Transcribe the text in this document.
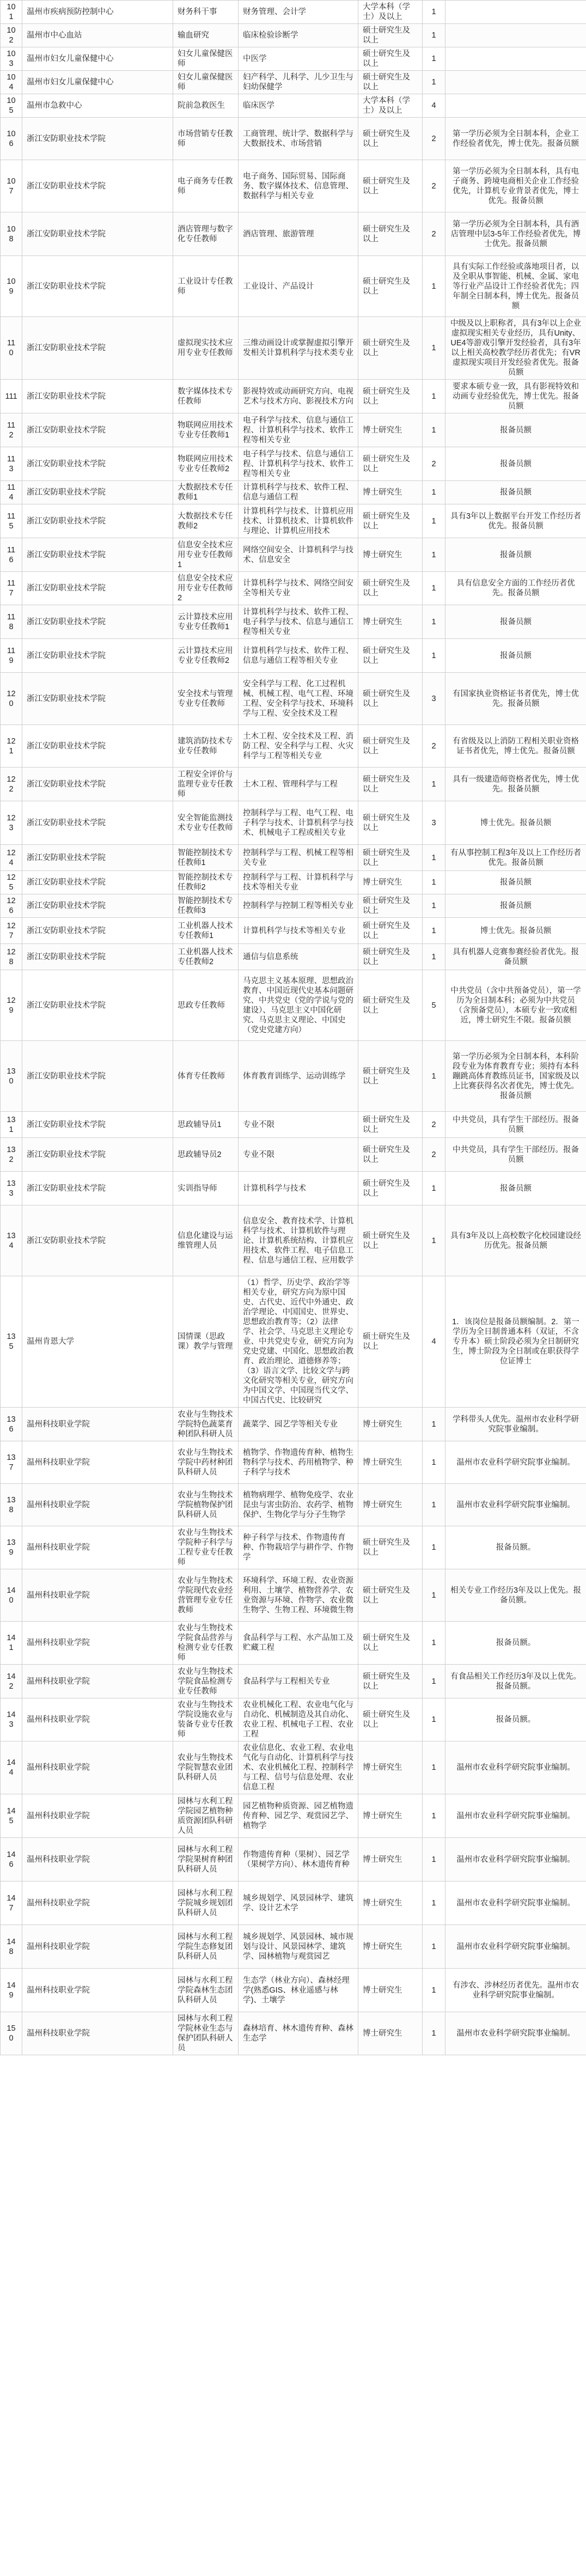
101	温州市疾病预防控制中心	财务科干事	财务管理、会计学	大学本科（学士）及以上	1	
102	温州市中心血站	输血研究	临床检验诊断学	硕士研究生及以上	1	
103	温州市妇女儿童保健中心	妇女儿童保健医师	中医学	硕士研究生及以上	1	
104	温州市妇女儿童保健中心	妇女儿童保健医师	妇产科学、儿科学、儿少卫生与妇幼保健学	硕士研究生及以上	1	
105	温州市急救中心	院前急救医生	临床医学	大学本科（学士）及以上	4	
106	浙江安防职业技术学院	市场营销专任教师	工商管理、统计学、数据科学与大数据技术、市场营销	硕士研究生及以上	2	第一学历必须为全日制本科，企业工作经验者优先，博士优先。报备员额
107	浙江安防职业技术学院	电子商务专任教师	电子商务、国际贸易、国际商务、数字媒体技术、信息管理、数据科学与相关专业	硕士研究生及以上	2	第一学历必须为全日制本科，具有电子商务、跨境电商相关企业工作经验优先，计算机专业背景者优先，博士优先。报备员额
108	浙江安防职业技术学院	酒店管理与数字化专任教师	酒店管理、旅游管理	硕士研究生及以上	2	第一学历必须为全日制本科，具有酒店管理中层3-5年工作经验者优先，博士优先。报备员额
109	浙江安防职业技术学院	工业设计专任教师	工业设计、产品设计	硕士研究生及以上	1	具有实际工作经验或落地项目者，以及全职从事智能、机械、金属、家电等行业产品设计工作经验者优先；四年制全日制本科，博士优先。报备员额
110	浙江安防职业技术学院	虚拟现实技术应用专业专任教师	三维动画设计或掌握虚拟引擎开发相关计算机科学与技术类专业	硕士研究生及以上	1	中级及以上职称者，具有3年以上企业虚拟现实相关专业经历，具有Unity、UE4等游戏引擎开发经验者，具有3年以上相关高校教学经历者优先；有VR虚拟现实项目开发经验者优先。报备员额
111	浙江安防职业技术学院	数字媒体技术专任教师	影视特效或动画研究方向、电视艺术与技术方向、影视技术方向	硕士研究生及以上	1	要求本硕专业一致，具有影视特效和动画专业经验优先，博士优先。报备员额
112	浙江安防职业技术学院	物联网应用技术专业专任教师1	电子科学与技术、信息与通信工程、计算机科学与技术、软件工程等相关专业	博士研究生	1	报备员额
113	浙江安防职业技术学院	物联网应用技术专业专任教师2	电子科学与技术、信息与通信工程、计算机科学与技术、软件工程等相关专业	硕士研究生及以上	2	报备员额
114	浙江安防职业技术学院	大数据技术专任教师1	计算机科学与技术、软件工程、信息与通信工程	博士研究生	1	报备员额
115	浙江安防职业技术学院	大数据技术专任教师2	计算机科学与技术、计算机应用技术、计算机技术、计算机软件与理论、计算机应用技术	硕士研究生及以上	1	具有3年以上数据平台开发工作经历者优先。报备员额
116	浙江安防职业技术学院	信息安全技术应用专业专任教师1	网络空间安全、计算机科学与技术、信息安全	博士研究生	1	报备员额
117	浙江安防职业技术学院	信息安全技术应用专业专任教师2	计算机科学与技术、网络空间安全等相关专业	硕士研究生及以上	1	具有信息安全方面的工作经历者优先。报备员额
118	浙江安防职业技术学院	云计算技术应用专业专任教师1	计算机科学与技术、软件工程、电子科学与技术、信息与通信工程等相关专业	博士研究生	1	报备员额
119	浙江安防职业技术学院	云计算技术应用专业专任教师2	计算机科学与技术、软件工程、信息与通信工程等相关专业	硕士研究生及以上	1	报备员额
120	浙江安防职业技术学院	安全技术与管理专业专任教师	安全科学与工程、化工过程机械、机械工程、电气工程、环境工程、安全科学与技术、环境科学与工程、安全技术及工程	硕士研究生及以上	3	有国家执业资格证书者优先，博士优先。报备员额
121	浙江安防职业技术学院	建筑消防技术专业专任教师	土木工程、安全技术及工程、消防工程、安全科学与工程、火灾科学与工程等相关专业	硕士研究生及以上	2	有省级及以上消防工程相关职业资格证书者优先，博士优先。报备员额
122	浙江安防职业技术学院	工程安全评价与监理专业专任教师	土木工程、管理科学与工程	硕士研究生及以上	1	具有一级建造师资格者优先，博士优先。报备员额
123	浙江安防职业技术学院	安全智能监测技术专业专任教师	控制科学与工程、电气工程、电子科学与技术、计算机科学与技术、机械电子工程或相关专业	硕士研究生及以上	3	博士优先。报备员额
124	浙江安防职业技术学院	智能控制技术专任教师1	控制科学与工程、机械工程等相关专业	硕士研究生及以上	1	有从事控制工程3年及以上工作经历者优先。报备员额
125	浙江安防职业技术学院	智能控制技术专任教师2	控制科学与工程、计算机科学与技术等相关专业	博士研究生	1	报备员额
126	浙江安防职业技术学院	智能控制技术专任教师3	控制科学与控制工程等相关专业	硕士研究生及以上	1	报备员额
127	浙江安防职业技术学院	工业机器人技术专任教师1	计算机科学与技术等相关专业	硕士研究生及以上	1	博士优先。报备员额
128	浙江安防职业技术学院	工业机器人技术专任教师2	通信与信息系统	硕士研究生及以上	1	具有机器人竞赛参赛经验者优先。报备员额
129	浙江安防职业技术学院	思政专任教师	马克思主义基本原理、思想政治教育、中国近现代史基本问题研究、中共党史（党的学说与党的建设）、马克思主义中国化研究、马克思主义理论、中国史（党史党建方向）	硕士研究生及以上	5	中共党员（含中共预备党员），第一学历为全日制本科；必须为中共党员（含预备党员），本硕专业一致或相近，博士研究生不限。报备员额
130	浙江安防职业技术学院	体育专任教师	体育教育训练学、运动训练学	硕士研究生及以上	1	第一学历必须为全日制本科，本科阶段专业为体育教育专业；须持有本科蹦跳高体育教练员证书，国家级及以上比赛获得名次者优先，博士优先。报备员额
131	浙江安防职业技术学院	思政辅导员1	专业不限	硕士研究生及以上	2	中共党员，具有学生干部经历。报备员额
132	浙江安防职业技术学院	思政辅导员2	专业不限	硕士研究生及以上	2	中共党员，具有学生干部经历。报备员额
133	浙江安防职业技术学院	实训指导师	计算机科学与技术	硕士研究生及以上	1	报备员额
134	浙江安防职业技术学院	信息化建设与运维管理人员	信息安全、教育技术学、计算机科学与技术、计算机软件与理论、计算机系统结构、计算机应用技术、软件工程、电子信息工程、信息与通信工程、应用数学	硕士研究生及以上	1	具有3年及以上高校数字化校园建设经历优先。报备员额
135	温州肯恩大学	国情课（思政课）教学与管理	（1）哲学、历史学、政治学等相关专业，研究方向为原中国史、古代史、近代中外通史、政治学理论、中国国史、世界史、思想政治教育等；（2）法律学、社会学、马克思主义理论专业、中共党史专业，研究方向为党史党建、中国化、思想政治教育、政治理论、道德修养等；（3）语言文学、比较文学与跨文化研究等相关专业，研究方向为中国文学、中国现当代文学、中国古代史、比较研究	硕士研究生及以上	4	1．该岗位是报备员额编制。2．第一学历为全日制普通本科（双证，不含专升本）硕士阶段必须为全日制研究生，博士阶段为全日制或在职获得学位证博士
136	温州科技职业学院	农业与生物技术学院特色蔬菜育种团队科研人员	蔬菜学、园艺学等相关专业	博士研究生	1	学科带头人优先。温州市农业科学研究院事业编制。
137	温州科技职业学院	农业与生物技术学院中药材种团队科研人员	植物学、作物遗传育种、植物生物科学与技术、药用植物学、种子科学与技术	博士研究生	1	温州市农业科学研究院事业编制。
138	温州科技职业学院	农业与生物技术学院植物保护团队科研人员	植物病理学、植物免疫学、农业昆虫与害虫防治、农药学、植物保护、生物化学与分子生物学	博士研究生	1	温州市农业科学研究院事业编制。
139	温州科技职业学院	农业与生物技术学院种子科学与工程专业专任教师	种子科学与技术、作物遗传育种、作物栽培学与耕作学、作物学	硕士研究生及以上	1	报备员额。
140	温州科技职业学院	农业与生物技术学院现代农业经营管理专业专任教师	环境科学、环境工程、农业资源利用、土壤学、植物营养学、农业资源与环境、作物学、农业微生物学、生物工程、环境微生物	硕士研究生及以上	1	相关专业工作经历3年及以上优先。报备员额。
141	温州科技职业学院	农业与生物技术学院食品营养与检测专业专任教师	食品科学与工程、水产品加工及贮藏工程	硕士研究生及以上	1	报备员额。
142	温州科技职业学院	农业与生物技术学院食品检测专业专任教师	食品科学与工程相关专业	硕士研究生及以上	1	有食品相关工作经历3年及以上优先。报备员额。
143	温州科技职业学院	农业与生物技术学院设施农业与装备专业专任教师	农业机械化工程、农业电气化与自动化、机械制造及其自动化、农业工程、机械电子工程、农业工程	硕士研究生及以上	1	报备员额。
144	温州科技职业学院	农业与生物技术学院智慧农业团队科研人员	农业信息化、农业工程、农业电气化与自动化、计算机科学与技术、农业机械化工程、控制科学与工程、信号与信息处理、农业信息工程	博士研究生	1	温州市农业科学研究院事业编制。
145	温州科技职业学院	园林与水利工程学院园艺植物种质资源团队科研人员	园艺植物种质资源、园艺植物遗传育种、园艺学、观赏园艺学、植物学	博士研究生	1	温州市农业科学研究院事业编制。
146	温州科技职业学院	园林与水利工程学院果树育种团队科研人员	作物遗传育种（果树）、园艺学（果树学方向）、林木遗传育种	博士研究生	1	温州市农业科学研究院事业编制。
147	温州科技职业学院	园林与水利工程学院城乡规划团队科研人员	城乡规划学、风景园林学、建筑学、设计艺术学	博士研究生	1	温州市农业科学研究院事业编制。
148	温州科技职业学院	园林与水利工程学院生态修复团队科研人员	城乡规划学、风景园林、城市规划与设计、风景园林学、建筑学、园林植物与观赏园艺	博士研究生	1	温州市农业科学研究院事业编制。
149	温州科技职业学院	园林与水利工程学院森林生态团队科研人员	生态学（林业方向）、森林经理学(熟悉GIS、林业遥感与林学)、土壤学	博士研究生	1	有涉农、涉林经历者优先。温州市农业科学研究院事业编制。
150	温州科技职业学院	园林与水利工程学院林业生态与保护团队科研人员	森林培育、林木遗传育种、森林生态学	博士研究生	1	温州市农业科学研究院事业编制。
